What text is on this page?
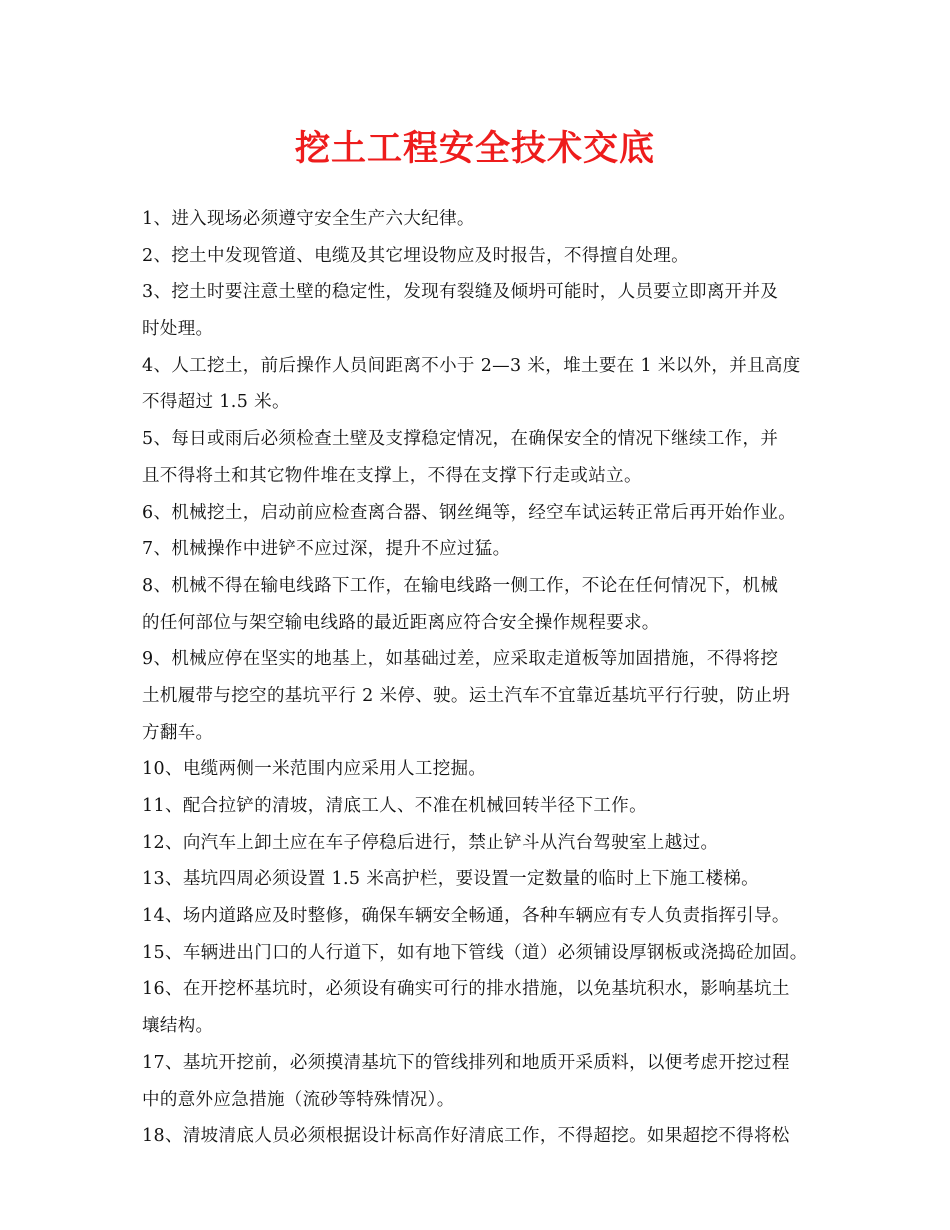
挖土工程安全技术交底
1、进入现场必须遵守安全生产六大纪律。
2、挖土中发现管道、电缆及其它埋设物应及时报告，不得擅自处理。
3、挖土时要注意土壁的稳定性，发现有裂缝及倾坍可能时，人员要立即离开并及
时处理。
4、人工挖土，前后操作人员间距离不小于 2—3 米，堆土要在 1 米以外，并且高度
不得超过 1.5 米。
5、每日或雨后必须检查土壁及支撑稳定情况，在确保安全的情况下继续工作，并
且不得将土和其它物件堆在支撑上，不得在支撑下行走或站立。
6、机械挖土，启动前应检查离合器、钢丝绳等，经空车试运转正常后再开始作业。
7、机械操作中进铲不应过深，提升不应过猛。
8、机械不得在输电线路下工作，在输电线路一侧工作，不论在任何情况下，机械
的任何部位与架空输电线路的最近距离应符合安全操作规程要求。
9、机械应停在坚实的地基上，如基础过差，应采取走道板等加固措施，不得将挖
土机履带与挖空的基坑平行 2 米停、驶。运土汽车不宜靠近基坑平行行驶，防止坍
方翻车。
10、电缆两侧一米范围内应采用人工挖掘。
11、配合拉铲的清坡，清底工人、不准在机械回转半径下工作。
12、向汽车上卸土应在车子停稳后进行，禁止铲斗从汽台驾驶室上越过。
13、基坑四周必须设置 1.5 米高护栏，要设置一定数量的临时上下施工楼梯。
14、场内道路应及时整修，确保车辆安全畅通，各种车辆应有专人负责指挥引导。
15、车辆进出门口的人行道下，如有地下管线（道）必须铺设厚钢板或浇捣砼加固。
16、在开挖杯基坑时，必须设有确实可行的排水措施，以免基坑积水，影响基坑土
壤结构。
17、基坑开挖前，必须摸清基坑下的管线排列和地质开采质料，以便考虑开挖过程
中的意外应急措施（流砂等特殊情况）。
18、清坡清底人员必须根据设计标高作好清底工作，不得超挖。如果超挖不得将松
